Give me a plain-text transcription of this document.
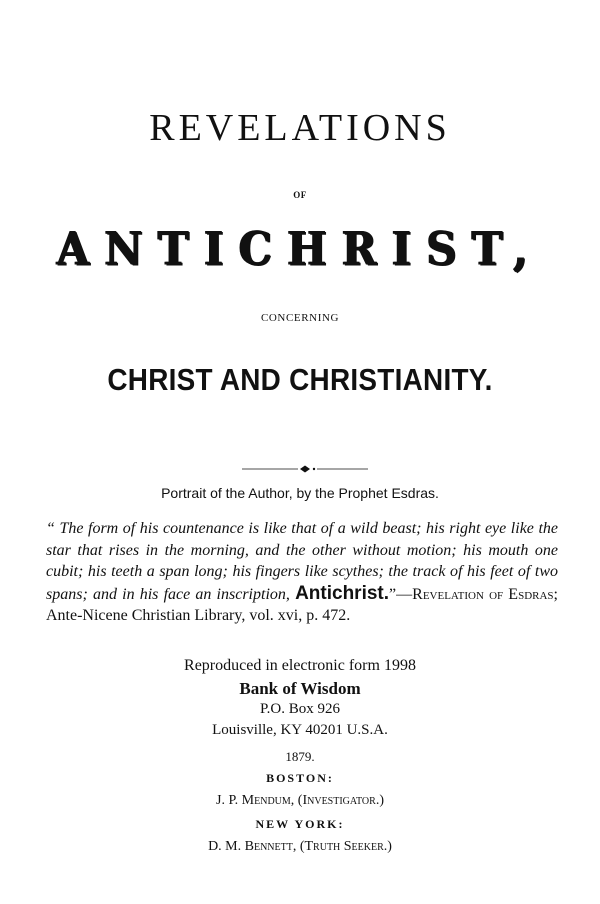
REVELATIONS
OF
ANTICHRIST,
CONCERNING
CHRIST AND CHRISTIANITY.
Portrait of the Author, by the Prophet Esdras.
“ The form of his countenance is like that of a wild beast; his right eye like the star that rises in the morning, and the other without motion; his mouth one cubit; his teeth a span long; his fingers like scythes; the track of his feet of two spans; and in his face an inscription, Antichrist.”—Revelation of Esdras; Ante-Nicene Christian Library, vol. xvi, p. 472.
Reproduced in electronic form 1998
Bank of Wisdom
P.O. Box 926
Louisville, KY 40201 U.S.A.
1879.
BOSTON:
J. P. Mendum, (Investigator.)
NEW YORK:
D. M. Bennett, (Truth Seeker.)
